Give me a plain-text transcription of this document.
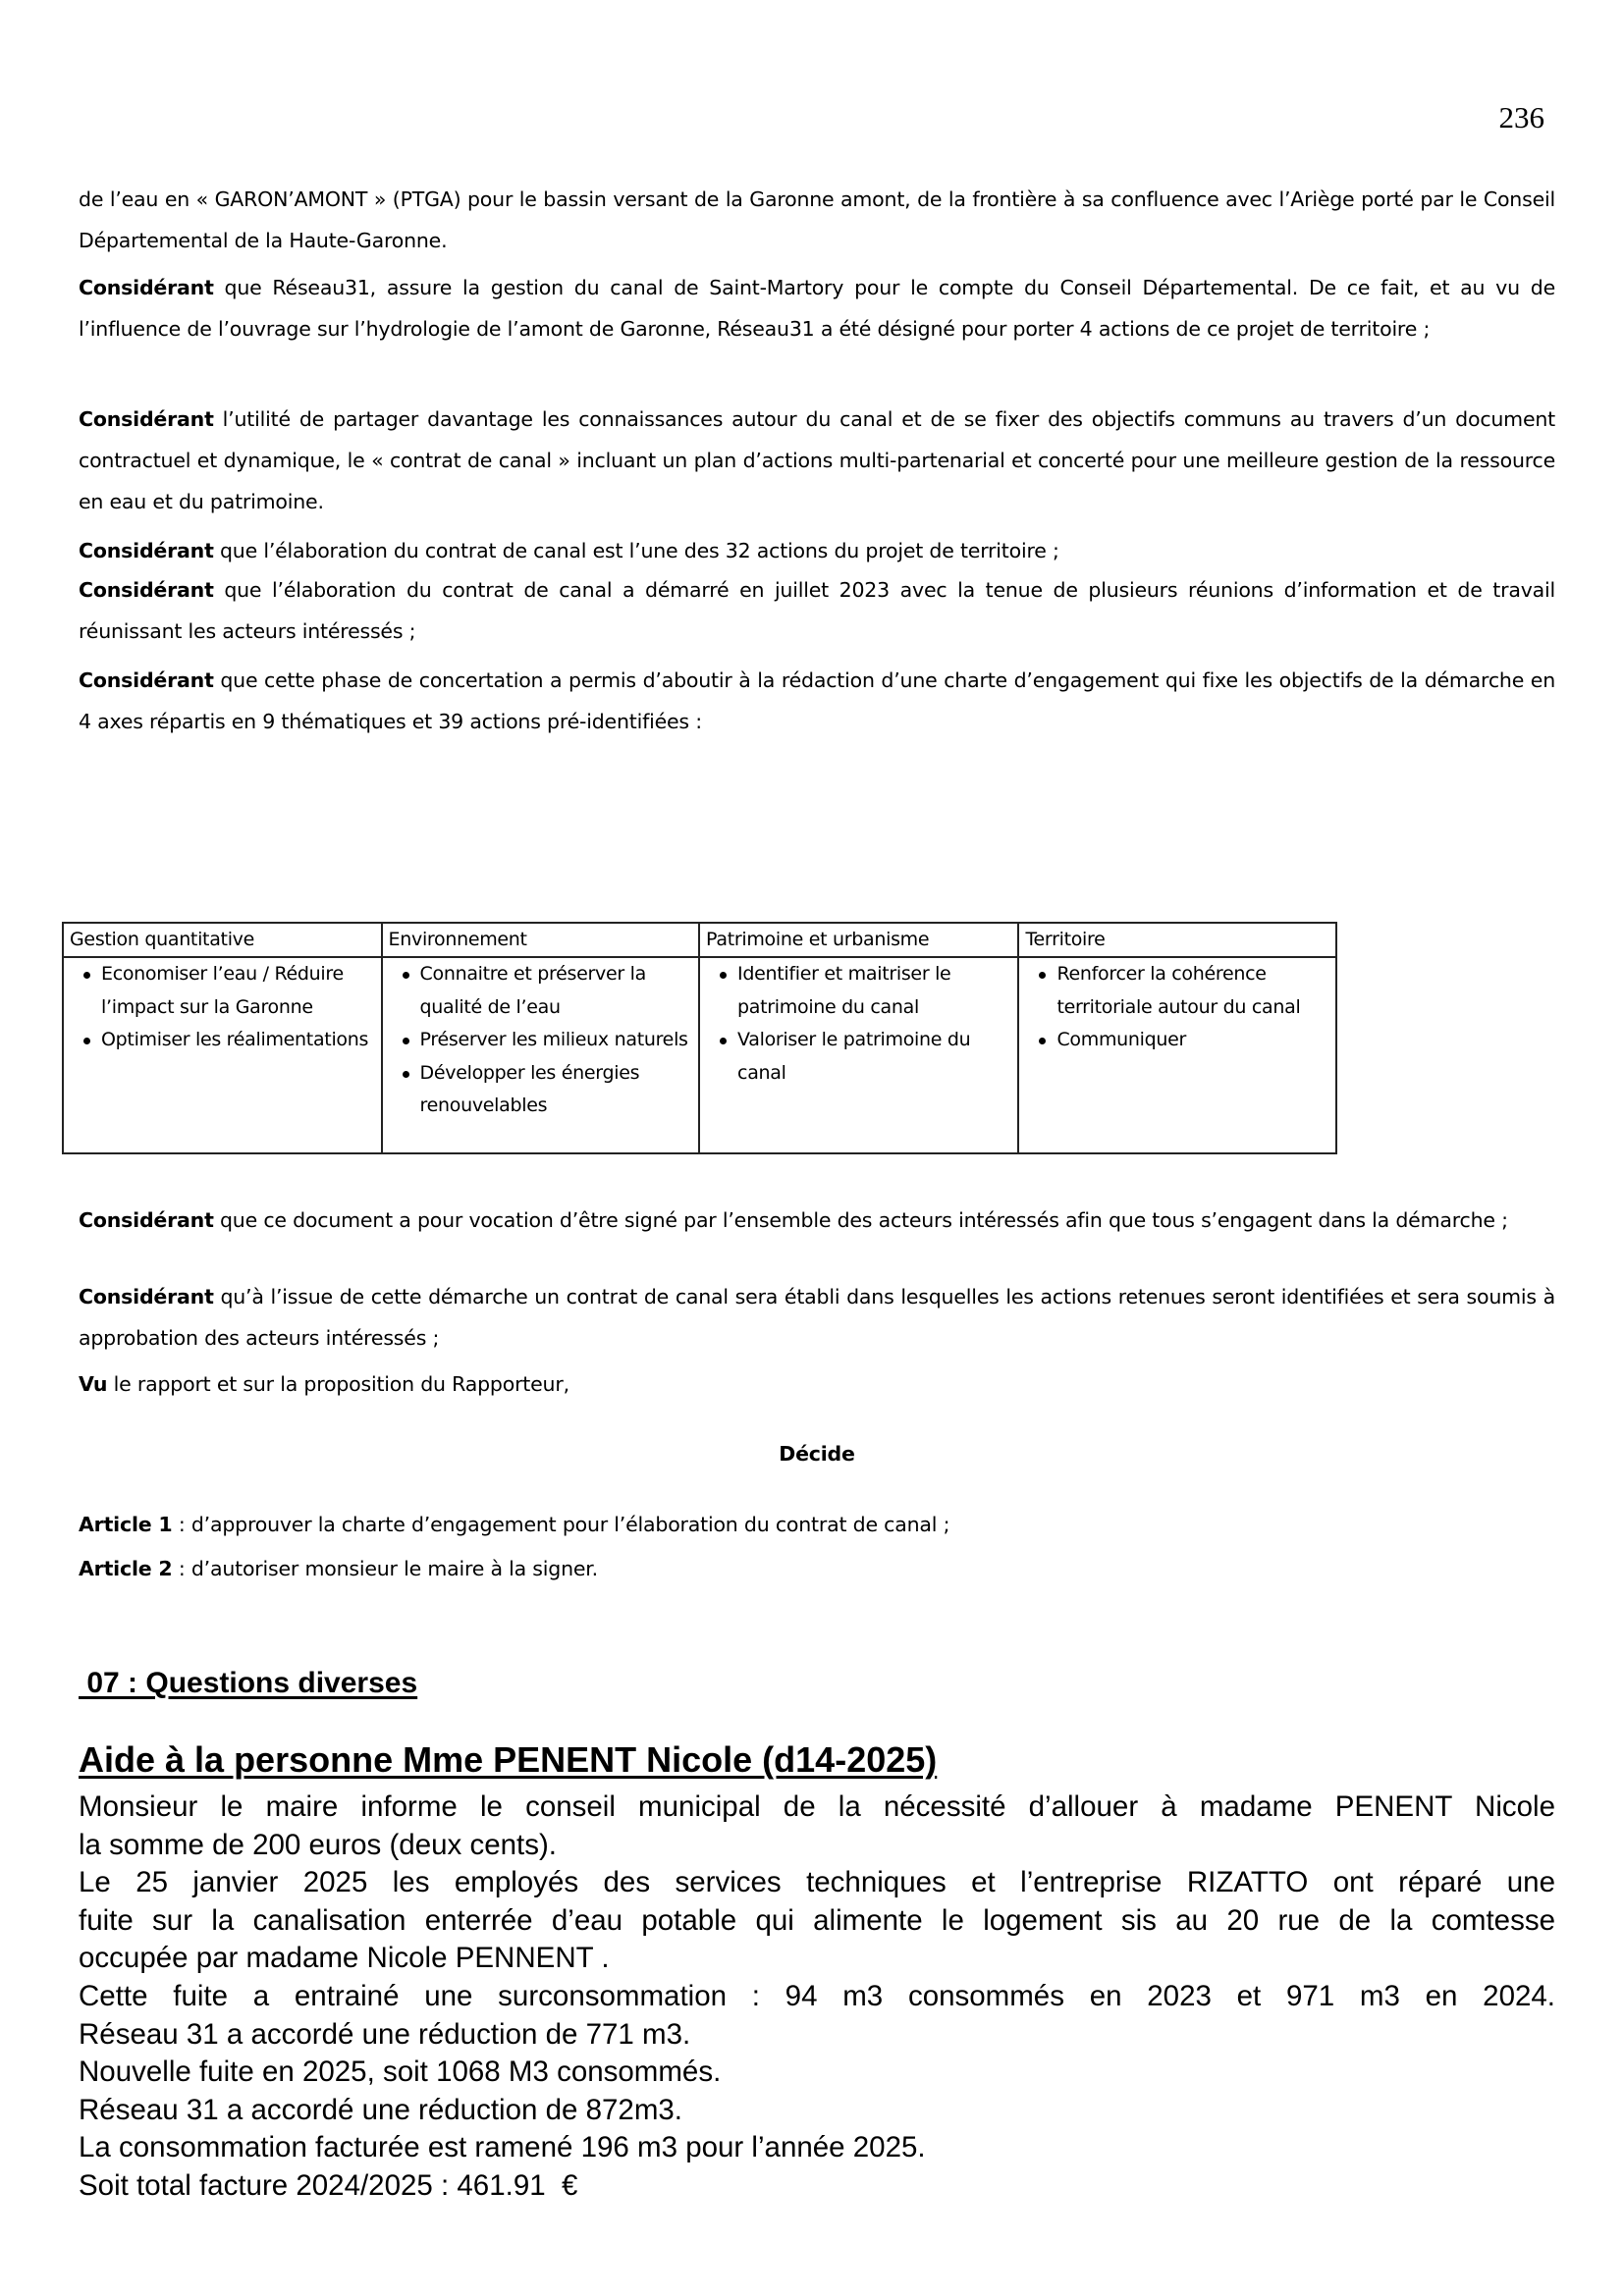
236
de l’eau en « GARON’AMONT » (PTGA) pour le bassin versant de la Garonne amont, de la frontière à sa confluence avec l’Ariège porté par le Conseil Départemental de la Haute-Garonne.
Considérant que Réseau31, assure la gestion du canal de Saint-Martory pour le compte du Conseil Départemental. De ce fait, et au vu de l’influence de l’ouvrage sur l’hydrologie de l’amont de Garonne, Réseau31 a été désigné pour porter 4 actions de ce projet de territoire ;
Considérant l’utilité de partager davantage les connaissances autour du canal et de se fixer des objectifs communs au travers d’un document contractuel et dynamique, le « contrat de canal » incluant un plan d’actions multi-partenarial et concerté pour une meilleure gestion de la ressource en eau et du patrimoine.
Considérant que l’élaboration du contrat de canal est l’une des 32 actions du projet de territoire ;
Considérant que l’élaboration du contrat de canal a démarré en juillet 2023 avec la tenue de plusieurs réunions d’information et de travail réunissant les acteurs intéressés ;
Considérant que cette phase de concertation a permis d’aboutir à la rédaction d’une charte d’engagement qui fixe les objectifs de la démarche en 4 axes répartis en 9 thématiques et 39 actions pré-identifiées :
Gestion quantitative	Environnement	Patrimoine et urbanisme	Territoire

Economiser l’eau / Réduire l’impact sur la Garonne
Optimiser les réalimentations

Connaitre et préserver la qualité de l’eau
Préserver les milieux naturels
Développer les énergies renouvelables

Identifier et maitriser le patrimoine du canal
Valoriser le patrimoine du canal

Renforcer la cohérence territoriale autour du canal
Communiquer
Considérant que ce document a pour vocation d’être signé par l’ensemble des acteurs intéressés afin que tous s’engagent dans la démarche ;
Considérant qu’à l’issue de cette démarche un contrat de canal sera établi dans lesquelles les actions retenues seront identifiées et sera soumis à approbation des acteurs intéressés ;
Vu le rapport et sur la proposition du Rapporteur,
Décide
Article 1 : d’approuver la charte d’engagement pour l’élaboration du contrat de canal ;
Article 2 : d’autoriser monsieur le maire à la signer.
07 : Questions diverses
Aide à la personne Mme PENENT Nicole (d14-2025)
Monsieur le maire informe le conseil municipal de la nécessité d’allouer à madame PENENT Nicole
la somme de 200 euros (deux cents).
Le 25 janvier 2025 les employés des services techniques et l’entreprise RIZATTO ont réparé une
fuite sur la canalisation enterrée d’eau potable qui alimente le logement sis au 20 rue de la comtesse
occupée par madame Nicole PENNENT .
Cette fuite a entrainé une surconsommation : 94 m3 consommés en 2023 et 971 m3 en 2024.
Réseau 31 a accordé une réduction de 771 m3.
Nouvelle fuite en 2025, soit 1068 M3 consommés.
Réseau 31 a accordé une réduction de 872m3.
La consommation facturée est ramené 196 m3 pour l’année 2025.
Soit total facture 2024/2025 : 461.91  €
